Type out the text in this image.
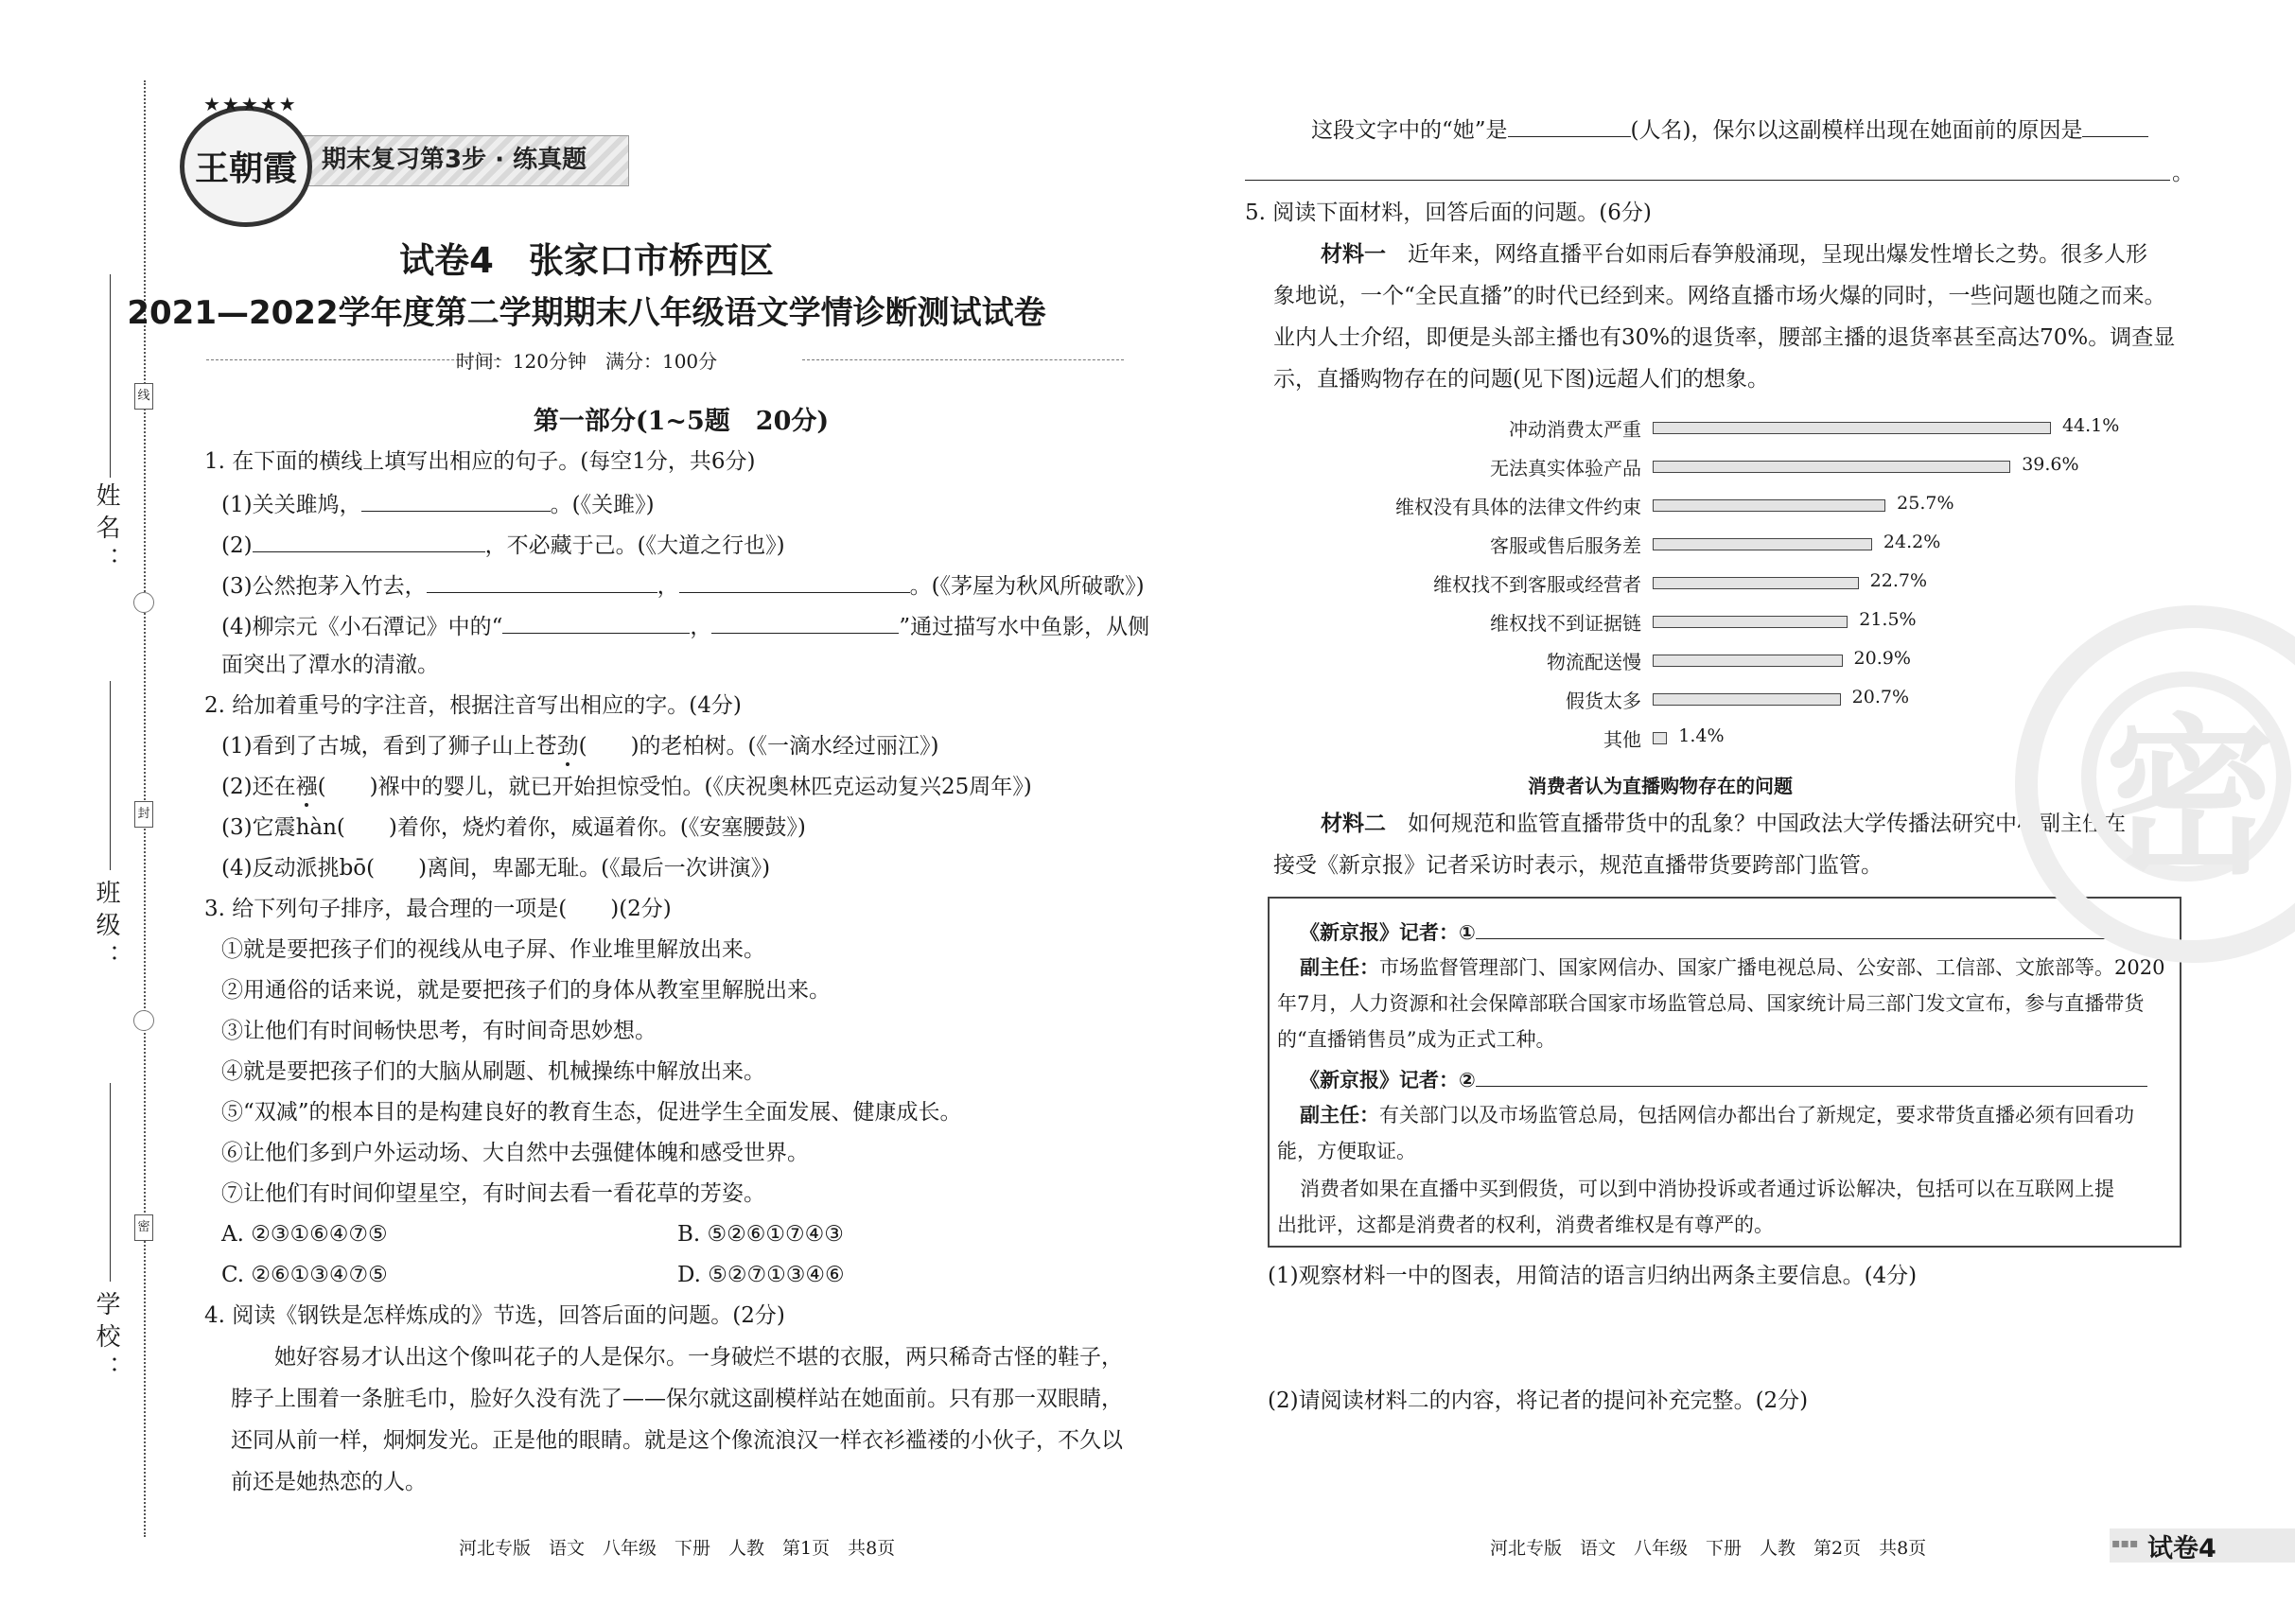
姓名：
班级：
学校：
线
封
密
期末复习第3步 · 练真题
★★★★★
王朝霞
试卷4　张家口市桥西区
2021—2022学年度第二学期期末八年级语文学情诊断测试试卷
时间：120分钟　满分：100分
第一部分(1~5题　20分)
1. 在下面的横线上填写出相应的句子。(每空1分，共6分)
(1)关关雎鸠，	。(《关雎》)
(2)	，不必藏于己。(《大道之行也》)
(3)公然抱茅入竹去，	，	。(《茅屋为秋风所破歌》)
(4)柳宗元《小石潭记》中的“	，	”通过描写水中鱼影，从侧
面突出了潭水的清澈。
2. 给加着重号的字注音，根据注音写出相应的字。(4分)
(1)看到了古城，看到了狮子山上苍劲(　　)的老柏树。(《一滴水经过丽江》)
(2)还在襁(　　)褓中的婴儿，就已开始担惊受怕。(《庆祝奥林匹克运动复兴25周年》)
(3)它震hàn(　　)着你，烧灼着你，威逼着你。(《安塞腰鼓》)
(4)反动派挑bō(　　)离间，卑鄙无耻。(《最后一次讲演》)
3. 给下列句子排序，最合理的一项是(　　)(2分)
①就是要把孩子们的视线从电子屏、作业堆里解放出来。
②用通俗的话来说，就是要把孩子们的身体从教室里解脱出来。
③让他们有时间畅快思考，有时间奇思妙想。
④就是要把孩子们的大脑从刷题、机械操练中解放出来。
⑤“双减”的根本目的是构建良好的教育生态，促进学生全面发展、健康成长。
⑥让他们多到户外运动场、大自然中去强健体魄和感受世界。
⑦让他们有时间仰望星空，有时间去看一看花草的芳姿。
A. ②③①⑥④⑦⑤	B. ⑤②⑥①⑦④③
C. ②⑥①③④⑦⑤	D. ⑤②⑦①③④⑥
4. 阅读《钢铁是怎样炼成的》节选，回答后面的问题。(2分)
她好容易才认出这个像叫花子的人是保尔。一身破烂不堪的衣服，两只稀奇古怪的鞋子，
脖子上围着一条脏毛巾，脸好久没有洗了——保尔就这副模样站在她面前。只有那一双眼睛，
还同从前一样，炯炯发光。正是他的眼睛。就是这个像流浪汉一样衣衫褴褛的小伙子，不久以
前还是她热恋的人。
这段文字中的“她”是	(人名)，保尔以这副模样出现在她面前的原因是
。
5. 阅读下面材料，回答后面的问题。(6分)
材料一　 近年来，网络直播平台如雨后春笋般涌现，呈现出爆发性增长之势。很多人形
象地说，一个“全民直播”的时代已经到来。网络直播市场火爆的同时，一些问题也随之而来。
业内人士介绍，即便是头部主播也有30%的退货率，腰部主播的退货率甚至高达70%。调查显
示，直播购物存在的问题(见下图)远超人们的想象。
冲动消费太严重	44.1%
无法真实体验产品	39.6%
维权没有具体的法律文件约束	25.7%
客服或售后服务差	24.2%
维权找不到客服或经营者	22.7%
维权找不到证据链	21.5%
物流配送慢	20.9%
假货太多	20.7%
其他 1.4%
消费者认为直播购物存在的问题
材料二　 如何规范和监管直播带货中的乱象？中国政法大学传播法研究中心副主任在
接受《新京报》记者采访时表示，规范直播带货要跨部门监管。
《新京报》记者：①
副主任：市场监督管理部门、国家网信办、国家广播电视总局、公安部、工信部、文旅部等。2020
年7月，人力资源和社会保障部联合国家市场监管总局、国家统计局三部门发文宣布，参与直播带货
的“直播销售员”成为正式工种。
《新京报》记者：②
副主任：有关部门以及市场监管总局，包括网信办都出台了新规定，要求带货直播必须有回看功
能，方便取证。
消费者如果在直播中买到假货，可以到中消协投诉或者通过诉讼解决，包括可以在互联网上提
出批评，这都是消费者的权利，消费者维权是有尊严的。
(1)观察材料一中的图表，用简洁的语言归纳出两条主要信息。(4分)
(2)请阅读材料二的内容，将记者的提问补充完整。(2分)
密
河北专版　语文　八年级　下册　人教　第1页　共8页	河北专版　语文　八年级　下册　人教　第2页　共8页	▪▪▪ 试卷4
